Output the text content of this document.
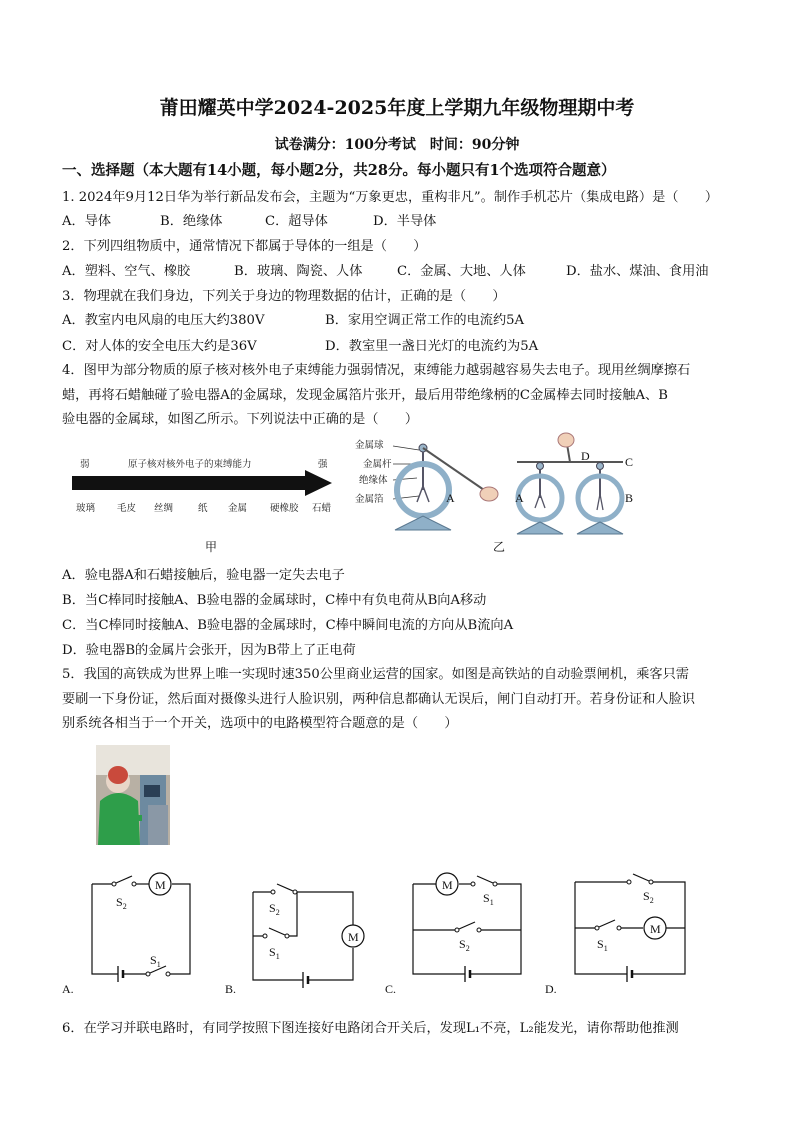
莆田耀英中学2024-2025年度上学期九年级物理期中考
试卷满分：100分考试　时间：90分钟
一、选择题（本大题有14小题，每小题2分，共28分。每小题只有1个选项符合题意）
1. 2024年9月12日华为举行新品发布会，主题为“万象更忠，重构非凡”。制作手机芯片（集成电路）是（　　）
A．导体	B．绝缘体	C．超导体	D．半导体
2．下列四组物质中，通常情况下都属于导体的一组是（　　）
A．塑料、空气、橡胶	B．玻璃、陶瓷、人体	C．金属、大地、人体	D．盐水、煤油、食用油
3．物理就在我们身边，下列关于身边的物理数据的估计，正确的是（　　）
A．教室内电风扇的电压大约380V	B．家用空调正常工作的电流约5A
C．对人体的安全电压大约是36V	D．教室里一盏日光灯的电流约为5A
4．图甲为部分物质的原子核对核外电子束缚能力强弱情况，束缚能力越弱越容易失去电子。现用丝绸摩擦石
蜡，再将石蜡触碰了验电器A的金属球，发现金属箔片张开，最后用带绝缘柄的C金属棒去同时接触A、B
验电器的金属球，如图乙所示。下列说法中正确的是（　　）
弱	强
原子核对核外电子的束缚能力
玻璃 毛皮 丝绸	纸 金属 硬橡胶 石蜡
甲
金属球
金属杆
绝缘体
金属箔	A
C
D
A	B
乙
A．验电器A和石蜡接触后，验电器一定失去电子
B．当C棒同时接触A、B验电器的金属球时，C棒中有负电荷从B向A移动
C．当C棒同时接触A、B验电器的金属球时，C棒中瞬间电流的方向从B流向A
D．验电器B的金属片会张开，因为B带上了正电荷
5．我国的高铁成为世界上唯一实现时速350公里商业运营的国家。如图是高铁站的自动验票闸机，乘客只需
要刷一下身份证，然后面对摄像头进行人脸识别，两种信息都确认无误后，闸门自动打开。若身份证和人脸识
别系统各相当于一个开关，选项中的电路模型符合题意的是（　　）
A.
$S_1$
M
$S_2$
B.
M
$S_2$
$S_1$
C.
$S_1$
M
$S_2$
D.
$S_2$
M
$S_1$
6．在学习并联电路时，有同学按照下图连接好电路闭合开关后，发现L₁不亮，L₂能发光，请你帮助他推测
